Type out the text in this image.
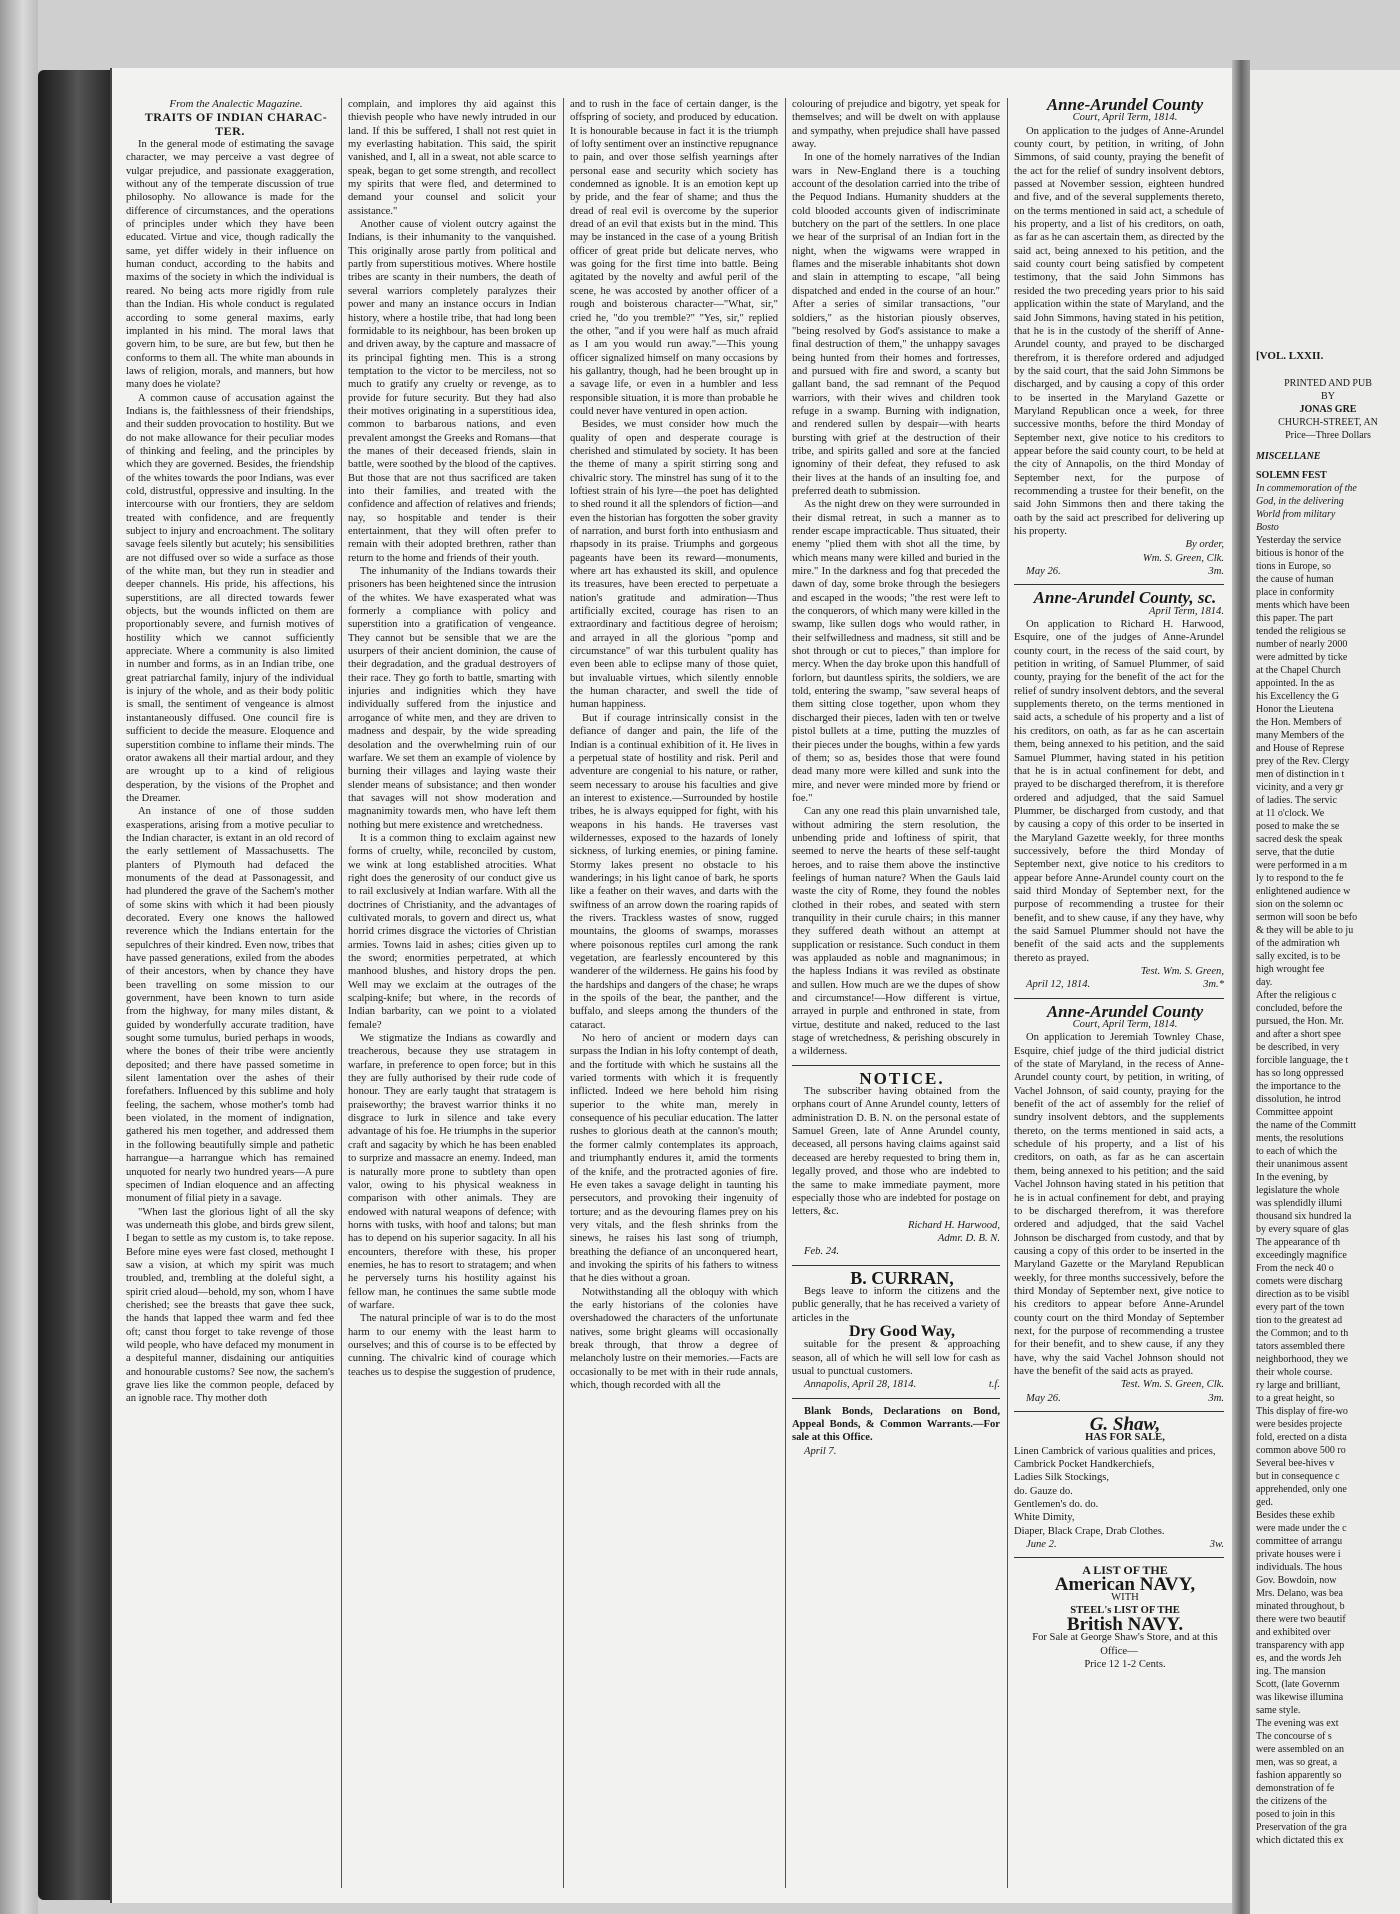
From the Analectic Magazine.

TRAITS OF INDIAN CHARAC- TER.

In the general mode of estimating the savage character, we may perceive a vast degree of vulgar prejudice, and passionate exaggeration, without any of the temperate discussion of true philosophy. No allowance is made for the difference of circumstances, and the operations of principles under which they have been educated. Virtue and vice, though radically the same, yet differ widely in their influence on human conduct, according to the habits and maxims of the society in which the individual is reared. No being acts more rigidly from rule than the Indian. His whole conduct is regulated according to some general maxims, early implanted in his mind. The moral laws that govern him, to be sure, are but few, but then he conforms to them all. The white man abounds in laws of religion, morals, and manners, but how many does he violate?

A common cause of accusation against the Indians is, the faithlessness of their friendships, and their sudden provocation to hostility. But we do not make allowance for their peculiar modes of thinking and feeling, and the principles by which they are governed. Besides, the friendship of the whites towards the poor Indians, was ever cold, distrustful, oppressive and insulting. In the intercourse with our frontiers, they are seldom treated with confidence, and are frequently subject to injury and encroachment. The solitary savage feels silently but acutely; his sensibilities are not diffused over so wide a surface as those of the white man, but they run in steadier and deeper channels. His pride, his affections, his superstitions, are all directed towards fewer objects, but the wounds inflicted on them are proportionably severe, and furnish motives of hostility which we cannot sufficiently appreciate. Where a community is also limited in number and forms, as in an Indian tribe, one great patriarchal family, injury of the individual is injury of the whole, and as their body politic is small, the sentiment of vengeance is almost instantaneously diffused. One council fire is sufficient to decide the measure. Eloquence and superstition combine to inflame their minds. The orator awakens all their martial ardour, and they are wrought up to a kind of religious desperation, by the visions of the Prophet and the Dreamer.

An instance of one of those sudden exasperations, arising from a motive peculiar to the Indian character, is extant in an old record of the early settlement of Massachusetts. The planters of Plymouth had defaced the monuments of the dead at Passonagessit, and had plundered the grave of the Sachem's mother of some skins with which it had been piously decorated. Every one knows the hallowed reverence which the Indians entertain for the sepulchres of their kindred. Even now, tribes that have passed generations, exiled from the abodes of their ancestors, when by chance they have been travelling on some mission to our government, have been known to turn aside from the highway, for many miles distant, & guided by wonderfully accurate tradition, have sought some tumulus, buried perhaps in woods, where the bones of their tribe were anciently deposited; and there have passed sometime in silent lamentation over the ashes of their forefathers. Influenced by this sublime and holy feeling, the sachem, whose mother's tomb had been violated, in the moment of indignation, gathered his men together, and addressed them in the following beautifully simple and pathetic harrangue—a harrangue which has remained unquoted for nearly two hundred years—A pure specimen of Indian eloquence and an affecting monument of filial piety in a savage.

"When last the glorious light of all the sky was underneath this globe, and birds grew silent, I began to settle as my custom is, to take repose. Before mine eyes were fast closed, methought I saw a vision, at which my spirit was much troubled, and, trembling at the doleful sight, a spirit cried aloud—behold, my son, whom I have cherished; see the breasts that gave thee suck, the hands that lapped thee warm and fed thee oft; canst thou forget to take revenge of those wild people, who have defaced my monument in a despiteful manner, disdaining our antiquities and honourable customs? See now, the sachem's grave lies like the common people, defaced by an ignoble race. Thy mother doth

complain, and implores thy aid against this thievish people who have newly intruded in our land. If this be suffered, I shall not rest quiet in my everlasting habitation. This said, the spirit vanished, and I, all in a sweat, not able scarce to speak, began to get some strength, and recollect my spirits that were fled, and determined to demand your counsel and solicit your assistance."

Another cause of violent outcry against the Indians, is their inhumanity to the vanquished. This originally arose partly from political and partly from superstitious motives. Where hostile tribes are scanty in their numbers, the death of several warriors completely paralyzes their power and many an instance occurs in Indian history, where a hostile tribe, that had long been formidable to its neighbour, has been broken up and driven away, by the capture and massacre of its principal fighting men. This is a strong temptation to the victor to be merciless, not so much to gratify any cruelty or revenge, as to provide for future security. But they had also their motives originating in a superstitious idea, common to barbarous nations, and even prevalent amongst the Greeks and Romans—that the manes of their deceased friends, slain in battle, were soothed by the blood of the captives. But those that are not thus sacrificed are taken into their families, and treated with the confidence and affection of relatives and friends; nay, so hospitable and tender is their entertainment, that they will often prefer to remain with their adopted brethren, rather than return to the home and friends of their youth.

The inhumanity of the Indians towards their prisoners has been heightened since the intrusion of the whites. We have exasperated what was formerly a compliance with policy and superstition into a gratification of vengeance. They cannot but be sensible that we are the usurpers of their ancient dominion, the cause of their degradation, and the gradual destroyers of their race. They go forth to battle, smarting with injuries and indignities which they have individually suffered from the injustice and arrogance of white men, and they are driven to madness and despair, by the wide spreading desolation and the overwhelming ruin of our warfare. We set them an example of violence by burning their villages and laying waste their slender means of subsistance; and then wonder that savages will not show moderation and magnanimity towards men, who have left them nothing but mere existence and wretchedness.

It is a common thing to exclaim against new forms of cruelty, while, reconciled by custom, we wink at long established atrocities. What right does the generosity of our conduct give us to rail exclusively at Indian warfare. With all the doctrines of Christianity, and the advantages of cultivated morals, to govern and direct us, what horrid crimes disgrace the victories of Christian armies. Towns laid in ashes; cities given up to the sword; enormities perpetrated, at which manhood blushes, and history drops the pen. Well may we exclaim at the outrages of the scalping-knife; but where, in the records of Indian barbarity, can we point to a violated female?

We stigmatize the Indians as cowardly and treacherous, because they use stratagem in warfare, in preference to open force; but in this they are fully authorised by their rude code of honour. They are early taught that stratagem is praiseworthy; the bravest warrior thinks it no disgrace to lurk in silence and take every advantage of his foe. He triumphs in the superior craft and sagacity by which he has been enabled to surprize and massacre an enemy. Indeed, man is naturally more prone to subtlety than open valor, owing to his physical weakness in comparison with other animals. They are endowed with natural weapons of defence; with horns with tusks, with hoof and talons; but man has to depend on his superior sagacity. In all his encounters, therefore with these, his proper enemies, he has to resort to stratagem; and when he perversely turns his hostility against his fellow man, he continues the same subtle mode of warfare.

The natural principle of war is to do the most harm to our enemy with the least harm to ourselves; and this of course is to be effected by cunning. The chivalric kind of courage which teaches us to despise the suggestion of prudence,

and to rush in the face of certain danger, is the offspring of society, and produced by education. It is honourable because in fact it is the triumph of lofty sentiment over an instinctive repugnance to pain, and over those selfish yearnings after personal ease and security which society has condemned as ignoble. It is an emotion kept up by pride, and the fear of shame; and thus the dread of real evil is overcome by the superior dread of an evil that exists but in the mind. This may be instanced in the case of a young British officer of great pride but delicate nerves, who was going for the first time into battle. Being agitated by the novelty and awful peril of the scene, he was accosted by another officer of a rough and boisterous character—"What, sir," cried he, "do you tremble?" "Yes, sir," replied the other, "and if you were half as much afraid as I am you would run away."—This young officer signalized himself on many occasions by his gallantry, though, had he been brought up in a savage life, or even in a humbler and less responsible situation, it is more than probable he could never have ventured in open action.

Besides, we must consider how much the quality of open and desperate courage is cherished and stimulated by society. It has been the theme of many a spirit stirring song and chivalric story. The minstrel has sung of it to the loftiest strain of his lyre—the poet has delighted to shed round it all the splendors of fiction—and even the historian has forgotten the sober gravity of narration, and burst forth into enthusiasm and rhapsody in its praise. Triumphs and gorgeous pageants have been its reward—monuments, where art has exhausted its skill, and opulence its treasures, have been erected to perpetuate a nation's gratitude and admiration—Thus artificially excited, courage has risen to an extraordinary and factitious degree of heroism; and arrayed in all the glorious "pomp and circumstance" of war this turbulent quality has even been able to eclipse many of those quiet, but invaluable virtues, which silently ennoble the human character, and swell the tide of human happiness.

But if courage intrinsically consist in the defiance of danger and pain, the life of the Indian is a continual exhibition of it. He lives in a perpetual state of hostility and risk. Peril and adventure are congenial to his nature, or rather, seem necessary to arouse his faculties and give an interest to existence.—Surrounded by hostile tribes, he is always equipped for fight, with his weapons in his hands. He traverses vast wildernesses, exposed to the hazards of lonely sickness, of lurking enemies, or pining famine. Stormy lakes present no obstacle to his wanderings; in his light canoe of bark, he sports like a feather on their waves, and darts with the swiftness of an arrow down the roaring rapids of the rivers. Trackless wastes of snow, rugged mountains, the glooms of swamps, morasses where poisonous reptiles curl among the rank vegetation, are fearlessly encountered by this wanderer of the wilderness. He gains his food by the hardships and dangers of the chase; he wraps in the spoils of the bear, the panther, and the buffalo, and sleeps among the thunders of the cataract.

No hero of ancient or modern days can surpass the Indian in his lofty contempt of death, and the fortitude with which he sustains all the varied torments with which it is frequently inflicted. Indeed we here behold him rising superior to the white man, merely in consequence of his peculiar education. The latter rushes to glorious death at the cannon's mouth; the former calmly contemplates its approach, and triumphantly endures it, amid the torments of the knife, and the protracted agonies of fire. He even takes a savage delight in taunting his persecutors, and provoking their ingenuity of torture; and as the devouring flames prey on his very vitals, and the flesh shrinks from the sinews, he raises his last song of triumph, breathing the defiance of an unconquered heart, and invoking the spirits of his fathers to witness that he dies without a groan.

Notwithstanding all the obloquy with which the early historians of the colonies have overshadowed the characters of the unfortunate natives, some bright gleams will occasionally break through, that throw a degree of melancholy lustre on their memories.—Facts are occasionally to be met with in their rude annals, which, though recorded with all the

colouring of prejudice and bigotry, yet speak for themselves; and will be dwelt on with applause and sympathy, when prejudice shall have passed away.

In one of the homely narratives of the Indian wars in New-England there is a touching account of the desolation carried into the tribe of the Pequod Indians. Humanity shudders at the cold blooded accounts given of indiscriminate butchery on the part of the settlers. In one place we hear of the surprisal of an Indian fort in the night, when the wigwams were wrapped in flames and the miserable inhabitants shot down and slain in attempting to escape, "all being dispatched and ended in the course of an hour." After a series of similar transactions, "our soldiers," as the historian piously observes, "being resolved by God's assistance to make a final destruction of them," the unhappy savages being hunted from their homes and fortresses, and pursued with fire and sword, a scanty but gallant band, the sad remnant of the Pequod warriors, with their wives and children took refuge in a swamp. Burning with indignation, and rendered sullen by despair—with hearts bursting with grief at the destruction of their tribe, and spirits galled and sore at the fancied ignominy of their defeat, they refused to ask their lives at the hands of an insulting foe, and preferred death to submission.

As the night drew on they were surrounded in their dismal retreat, in such a manner as to render escape impracticable. Thus situated, their enemy "plied them with shot all the time, by which means many were killed and buried in the mire." In the darkness and fog that preceded the dawn of day, some broke through the besiegers and escaped in the woods; "the rest were left to the conquerors, of which many were killed in the swamp, like sullen dogs who would rather, in their selfwilledness and madness, sit still and be shot through or cut to pieces," than implore for mercy. When the day broke upon this handfull of forlorn, but dauntless spirits, the soldiers, we are told, entering the swamp, "saw several heaps of them sitting close together, upon whom they discharged their pieces, laden with ten or twelve pistol bullets at a time, putting the muzzles of their pieces under the boughs, within a few yards of them; so as, besides those that were found dead many more were killed and sunk into the mire, and never were minded more by friend or foe."

Can any one read this plain unvarnished tale, without admiring the stern resolution, the unbending pride and loftiness of spirit, that seemed to nerve the hearts of these self-taught heroes, and to raise them above the instinctive feelings of human nature? When the Gauls laid waste the city of Rome, they found the nobles clothed in their robes, and seated with stern tranquility in their curule chairs; in this manner they suffered death without an attempt at supplication or resistance. Such conduct in them was applauded as noble and magnanimous; in the hapless Indians it was reviled as obstinate and sullen. How much are we the dupes of show and circumstance!—How different is virtue, arrayed in purple and enthroned in state, from virtue, destitute and naked, reduced to the last stage of wretchedness, & perishing obscurely in a wilderness.

NOTICE.

The subscriber having obtained from the orphans court of Anne Arundel county, letters of administration D. B. N. on the personal estate of Samuel Green, late of Anne Arundel county, deceased, all persons having claims against said deceased are hereby requested to bring them in, legally proved, and those who are indebted to the same to make immediate payment, more especially those who are indebted for postage on letters, &c.

Richard H. Harwood,

Admr. D. B. N.

Feb. 24.

B. CURRAN,

Begs leave to inform the citizens and the public generally, that he has received a variety of articles in the

Dry Good Way,

suitable for the present & approaching season, all of which he will sell low for cash as usual to punctual customers.

Annapolis, April 28, 1814.	t.f.

Blank Bonds, Declarations on Bond, Appeal Bonds, & Common Warrants.—For sale at this Office.

April 7.

Anne-Arundel County

Court, April Term, 1814.

On application to the judges of Anne-Arundel county court, by petition, in writing, of John Simmons, of said county, praying the benefit of the act for the relief of sundry insolvent debtors, passed at November session, eighteen hundred and five, and of the several supplements thereto, on the terms mentioned in said act, a schedule of his property, and a list of his creditors, on oath, as far as he can ascertain them, as directed by the said act, being annexed to his petition, and the said county court being satisfied by competent testimony, that the said John Simmons has resided the two preceding years prior to his said application within the state of Maryland, and the said John Simmons, having stated in his petition, that he is in the custody of the sheriff of Anne-Arundel county, and prayed to be discharged therefrom, it is therefore ordered and adjudged by the said court, that the said John Simmons be discharged, and by causing a copy of this order to be inserted in the Maryland Gazette or Maryland Republican once a week, for three successive months, before the third Monday of September next, give notice to his creditors to appear before the said county court, to be held at the city of Annapolis, on the third Monday of September next, for the purpose of recommending a trustee for their benefit, on the said John Simmons then and there taking the oath by the said act prescribed for delivering up his property.

By order,

Wm. S. Green, Clk.

May 26.	3m.

Anne-Arundel County, sc.

April Term, 1814.

On application to Richard H. Harwood, Esquire, one of the judges of Anne-Arundel county court, in the recess of the said court, by petition in writing, of Samuel Plummer, of said county, praying for the benefit of the act for the relief of sundry insolvent debtors, and the several supplements thereto, on the terms mentioned in said acts, a schedule of his property and a list of his creditors, on oath, as far as he can ascertain them, being annexed to his petition, and the said Samuel Plummer, having stated in his petition that he is in actual confinement for debt, and prayed to be discharged therefrom, it is therefore ordered and adjudged, that the said Samuel Plummer, be discharged from custody, and that by causing a copy of this order to be inserted in the Maryland Gazette weekly, for three months successively, before the third Monday of September next, give notice to his creditors to appear before Anne-Arundel county court on the said third Monday of September next, for the purpose of recommending a trustee for their benefit, and to shew cause, if any they have, why the said Samuel Plummer should not have the benefit of the said acts and the supplements thereto as prayed.

Test. Wm. S. Green,

April 12, 1814.	3m.*

Anne-Arundel County

Court, April Term, 1814.

On application to Jeremiah Townley Chase, Esquire, chief judge of the third judicial district of the state of Maryland, in the recess of Anne-Arundel county court, by petition, in writing, of Vachel Johnson, of said county, praying for the benefit of the act of assembly for the relief of sundry insolvent debtors, and the supplements thereto, on the terms mentioned in said acts, a schedule of his property, and a list of his creditors, on oath, as far as he can ascertain them, being annexed to his petition; and the said Vachel Johnson having stated in his petition that he is in actual confinement for debt, and praying to be discharged therefrom, it was therefore ordered and adjudged, that the said Vachel Johnson be discharged from custody, and that by causing a copy of this order to be inserted in the Maryland Gazette or the Maryland Republican weekly, for three months successively, before the third Monday of September next, give notice to his creditors to appear before Anne-Arundel county court on the third Monday of September next, for the purpose of recommending a trustee for their benefit, and to shew cause, if any they have, why the said Vachel Johnson should not have the benefit of the said acts as prayed.

Test. Wm. S. Green, Clk.

May 26.	3m.

G. Shaw,

HAS FOR SALE,

Linen Cambrick of various qualities and prices,

Cambrick Pocket Handkerchiefs,

Ladies Silk Stockings,

do. Gauze do.

Gentlemen's do. do.

White Dimity,

Diaper, Black Crape, Drab Clothes.

June 2.	3w.

A LIST OF THE

American NAVY,

WITH

STEEL's LIST OF THE

British NAVY.

For Sale at George Shaw's Store, and at this Office—

Price 12 1-2 Cents.

[VOL. LXXII.

PRINTED AND PUB

BY

JONAS GRE

CHURCH-STREET, AN

Price—Three Dollars

MISCELLANE

SOLEMN FEST

In commemoration of the

God, in the delivering

World from military

Bosto

Yesterday the service

bitious is honor of the

tions in Europe, so

the cause of human

place in conformity

ments which have been

this paper. The part

tended the religious se

number of nearly 2000

were admitted by ticke

at the Chapel Church

appointed. In the as

his Excellency the G

Honor the Lieutena

the Hon. Members of

many Members of the

and House of Represe

prey of the Rev. Clergy

men of distinction in t

vicinity, and a very gr

of ladies. The servic

at 11 o'clock. We

posed to make the se

sacred desk the speak

serve, that the dutie

were performed in a m

ly to respond to the fe

enlightened audience w

sion on the solemn oc

sermon will soon be befo

& they will be able to ju

of the admiration wh

sally excited, is to be

high wrought fee

day.

After the religious c

concluded, before the

pursued, the Hon. Mr.

and after a short spee

be described, in very

forcible language, the t

has so long oppressed

the importance to the

dissolution, he introd

Committee appoint

the name of the Committ

ments, the resolutions

to each of which the

their unanimous assent

In the evening, by

legislature the whole

was splendidly illumi

thousand six hundred la

by every square of glas

The appearance of th

exceedingly magnifice

From the neck 40 o

comets were discharg

direction as to be visibl

every part of the town

tion to the greatest ad

the Common; and to th

tators assembled there

neighborhood, they we

their whole course.

ry large and brilliant,

to a great height, so

This display of fire-wo

were besides projecte

fold, erected on a dista

common above 500 ro

Several bee-hives v

but in consequence c

apprehended, only one

ged.

Besides these exhib

were made under the c

committee of arrangu

private houses were i

individuals. The hous

Gov. Bowdoin, now

Mrs. Delano, was bea

minated throughout, b

there were two beautif

and exhibited over

transparency with app

es, and the words Jeh

ing. The mansion

Scott, (late Governm

was likewise illumina

same style.

The evening was ext

The concourse of s

were assembled on an

men, was so great, a

fashion apparently so

demonstration of fe

the citizens of the

posed to join in this

Preservation of the gra

which dictated this ex
